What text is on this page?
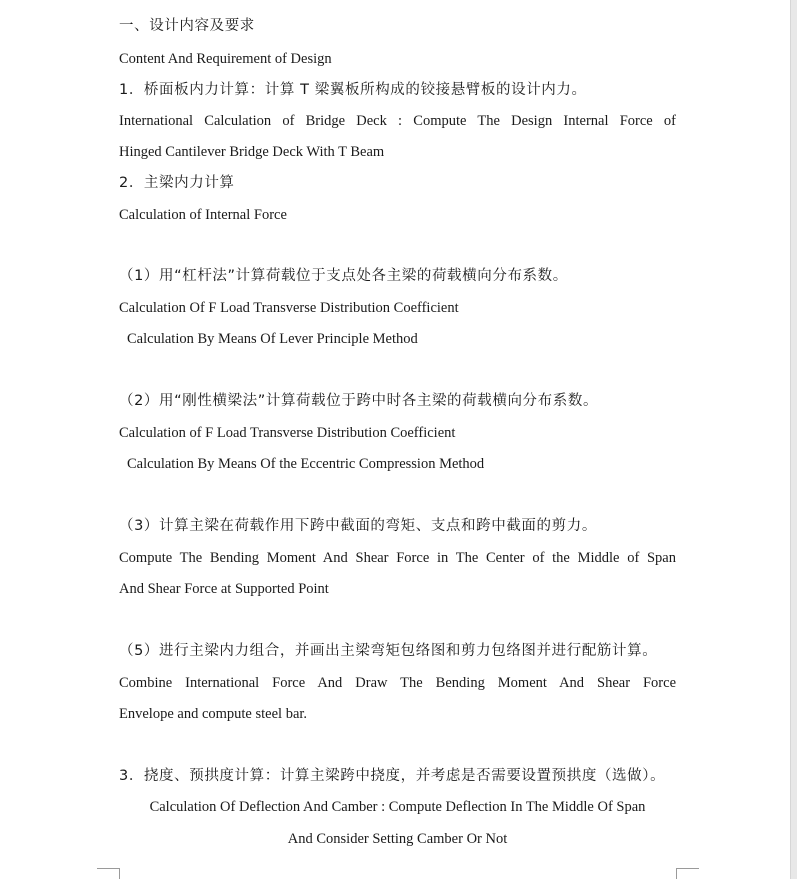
一、设计内容及要求
Content And Requirement of Design
1．桥面板内力计算：计算 T 梁翼板所构成的铰接悬臂板的设计内力。
International Calculation of Bridge Deck : Compute The Design Internal Force of
Hinged Cantilever Bridge Deck With T Beam
2．主梁内力计算
Calculation of Internal Force
（1）用“杠杆法”计算荷载位于支点处各主梁的荷载横向分布系数。
Calculation Of F Load Transverse Distribution Coefficient
Calculation By Means Of Lever Principle Method
（2）用“刚性横梁法”计算荷载位于跨中时各主梁的荷载横向分布系数。
Calculation of F Load Transverse Distribution Coefficient
Calculation By Means Of the Eccentric Compression Method
（3）计算主梁在荷载作用下跨中截面的弯矩、支点和跨中截面的剪力。
Compute The Bending Moment And Shear Force in The Center of the Middle of Span
And Shear Force at Supported Point
（5）进行主梁内力组合，并画出主梁弯矩包络图和剪力包络图并进行配筋计算。
Combine International Force And Draw The Bending Moment And Shear Force
Envelope and compute steel bar.
3．挠度、预拱度计算：计算主梁跨中挠度，并考虑是否需要设置预拱度（选做）。
Calculation Of Deflection And Camber : Compute Deflection In The Middle Of Span
And Consider Setting Camber Or Not
